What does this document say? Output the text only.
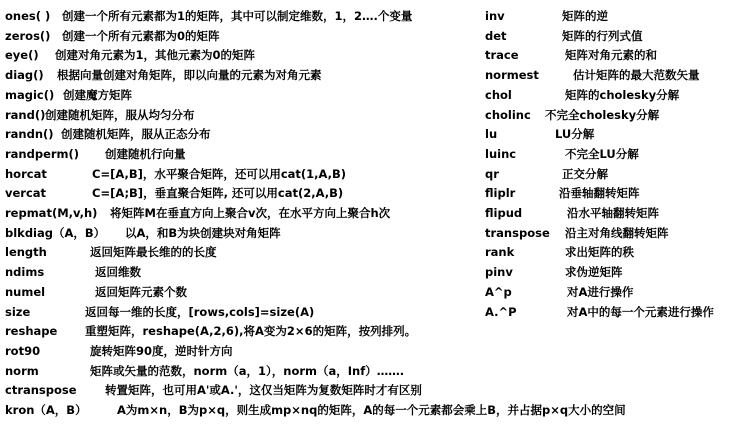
ones( ) 创建一个所有元素都为1的矩阵，其中可以制定维数，1，2….个变量
zeros() 创建一个所有元素都为0的矩阵
eye() 创建对角元素为1，其他元素为0的矩阵
diag() 根据向量创建对角矩阵，即以向量的元素为对角元素
magic() 创建魔方矩阵
rand() 创建随机矩阵，服从均匀分布
randn() 创建随机矩阵，服从正态分布
randperm() 创建随机行向量
horcat	C=[A,B]，水平聚合矩阵，还可以用cat(1,A,B)
vercat	C=[A;B]，垂直聚合矩阵, 还可以用cat(2,A,B)
repmat(M,v,h) 将矩阵M在垂直方向上聚合v次，在水平方向上聚合h次
blkdiag（A，B） 以A，和B为块创建块对角矩阵
length	返回矩阵最长维的的长度
ndims	返回维数
numel	返回矩阵元素个数
size	返回每一维的长度，[rows,cols]=size(A)
reshape 重塑矩阵，reshape(A,2,6),将A变为2×6的矩阵，按列排列。
rot90	旋转矩阵90度，逆时针方向
norm	矩阵或矢量的范数，norm（a，1），norm（a，Inf）…….
ctranspose 转置矩阵，也可用A'或A.'，这仅当矩阵为复数矩阵时才有区别
kron（A，B）	A为m×n，B为p×q，则生成mp×nq的矩阵，A的每一个元素都会乘上B，并占据p×q大小的空间
inv	矩阵的逆
det	矩阵的行列式值
trace	矩阵对角元素的和
normest	估计矩阵的最大范数矢量
chol	矩阵的cholesky分解
cholinc 不完全cholesky分解
lu	LU分解
luinc	不完全LU分解
qr	正交分解
fliplr	沿垂轴翻转矩阵
flipud	沿水平轴翻转矩阵
transpose 沿主对角线翻转矩阵
rank	求出矩阵的秩
pinv	求伪逆矩阵
A^p	对A进行操作
A.^P	对A中的每一个元素进行操作
